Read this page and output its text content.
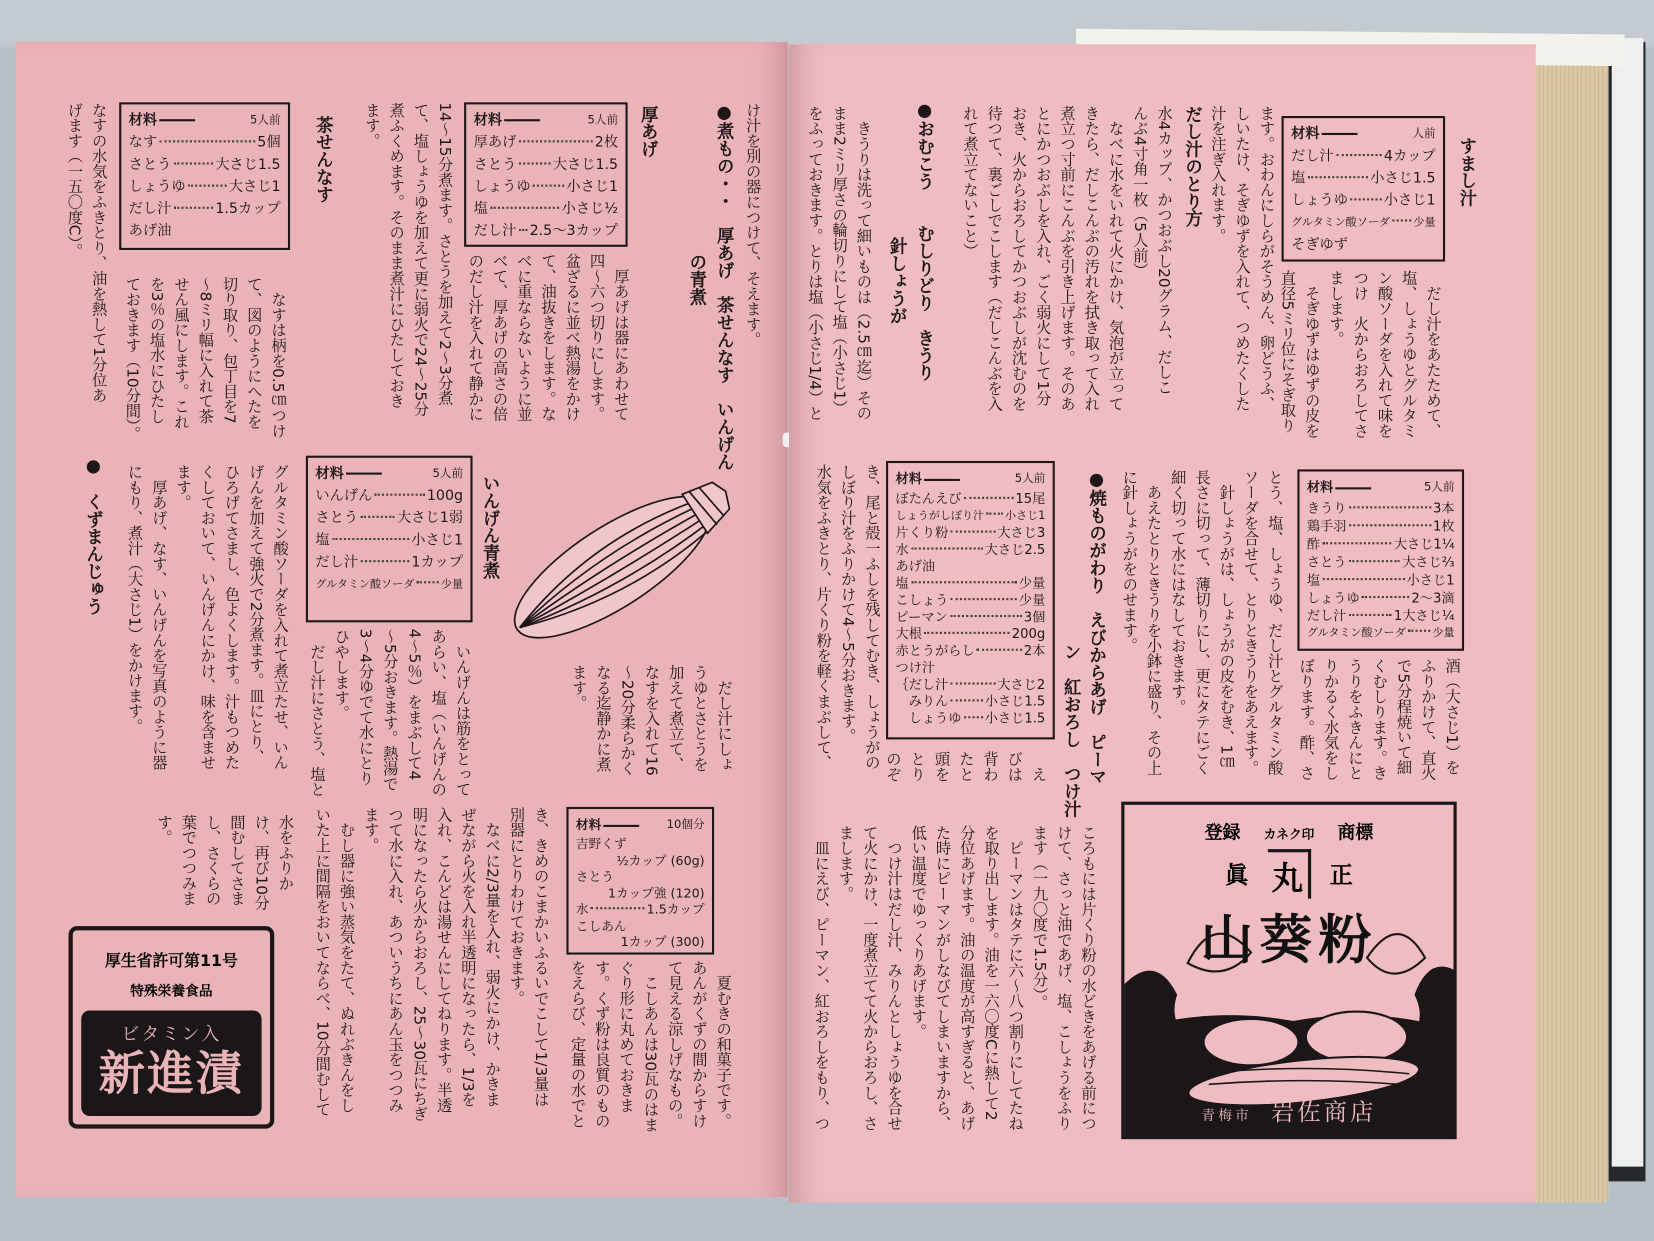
け汁を別の器につけて、そえます。
●煮もの・・　厚あげ　茶せんなす　いんげん
の青煮
厚あげ
材料	5人前
厚あげ	2枚
さとう	大さじ1.5
しょうゆ	小さじ1
塩	小さじ½
だし汁 2.5～3カップ
　厚あげは器にあわせて
四～六つ切りにします。
盆ざるに並べ熱湯をかけ
て、油抜きをします。な
べに重ならないように並
べて、厚あげの高さの倍
のだし汁を入れて静かに
14～15分煮ます。さとうを加えて2～3分煮
て、塩しょうゆを加えて更に弱火で24～25分
煮ふくめます。そのまま煮汁にひたしておき
ます。
茶せんなす
材料	5人前
なす	5個
さとう	大さじ1.5
しょうゆ	大さじ1
だし汁	1.5カップ
あげ油
　なすは柄を0.5㎝つけ
て、図のようにへたを
切り取り、包丁目を7
～8ミリ幅に入れて茶
せん風にします。これ
を3％の塩水にひたし
ておきます（10分間）。
なすの水気をふきとり、油を熱して1分位あ
げます（一五〇度C）。
　だし汁にしょ
うゆとさとうを
加えて煮立て、
なすを入れて16
～20分柔らかく
なる迄静かに煮
ます。
いんげん青煮
材料	5人前
いんげん	100g
さとう	大さじ1弱
塩	小さじ1
だし汁	1カップ
グルタミン酸ソーダ	少量
　いんげんは筋をとって
あらい、塩（いんげんの
4～5％）をまぶして4
～5分おきます。熱湯で
3～4分ゆでて水にとり
ひやします。
　だし汁にさとう、塩と
グルタミン酸ソーダを入れて煮立たせ、いん
げんを加えて強火で2分煮ます。皿にとり、
ひろげてさまし、色よくします。汁もつめた
くしておいて、いんげんにかけ、味を含ませ
ます。
　厚あげ、なす、いんげんを写真のように器
にもり、煮汁（大さじ1）をかけます。
●　くずまんじゅう
材料	10個分
吉野くず
½カップ (60g)
さとう
1カップ強 (120)
水	1.5カップ
こしあん
1カップ (300)
　夏むきの和菓子です。
あんがくずの間からすけ
て見える涼しげなもの。
　こしあんは30瓦のはま
ぐり形に丸めておきま
す。くず粉は良質のもの
をえらび、定量の水でと
き、きめのこまかいふるいでこして1/3量は
別器にとりわけておきます。
　なべに2/3量を入れ、弱火にかけ、かきま
ぜながら火を入れ半透明になったら、1/3を
入れ、こんどは湯せんにしてねります。半透
明になったら火からおろし、25～30瓦にちぎ
つて水に入れ、あついうちにあん玉をつつみ
ます。
　むし器に強い蒸気をたて、ぬれぶきんをし
いた上に間隔をおいてならべ、10分間むして
水をふりか
け、再び10分
間むしてさま
し、さくらの
葉でつつみま
す。
厚生省許可第11号
特殊栄養食品
ビタミン入
新進漬
すまし汁
材料	人前
だし汁	4カップ
塩	小さじ1.5
しょうゆ	小さじ1
グルタミン酸ソーダ 少量
そぎゆず
　だし汁をあたためて、
塩、しょうゆとグルタミ
ン酸ソーダを入れて味を
つけ　火からおろしてさ
まします。
　そぎゆずはゆずの皮を
直径5ミリ位にそぎ取り
ます。おわんにしらがそうめん、卵どうふ、
しいたけ、そぎゆずを入れて、つめたくした
汁を注ぎ入れます。
だし汁のとり方
水4カップ、かつおぶし20グラム、だしこ
んぶ4寸角一枚（5人前）
　なべに水をいれて火にかけ、気泡が立って
きたら、だしこんぶの汚れを拭き取って入れ
煮立つ寸前にこんぶを引き上げます。そのあ
とにかつおぶしを入れ、ごく弱火にして1分
おき、火からおろしてかつおぶしが沈むのを
待つて、裏ごしでこします（だしこんぶを入
れて煮立てないこと）
●おむこう　　むしりどり　きうり
針しょうが
　きうりは洗って細いものは（2.5㎝迄）その
まま2ミリ厚さの輪切りにして塩（小さじ1）
をふっておきます。とりは塩（小さじ1/4）と
材料	5人前
きうり	3本
鶏手羽	1枚
酢	大さじ1¼
さとう	大さじ⅔
塩	小さじ1
しょうゆ	2～3滴
だし汁	1大さじ¼
グルタミン酸ソーダ	少量
酒（大さじ1）を
ふりかけて、直火
で5分程焼いて細
くむしります。き
うりをふきんにと
りかるく水気をし
ぼります。酢、さ
とう、塩、しょうゆ、だし汁とグルタミン酸
ソーダを合せて、とりときうりをあえます。
　針しょうがは、しょうがの皮をむき、1㎝
長さに切って、薄切りにし、更にタテにごく
細く切って水にはなしておきます。
　あえたとりときうりを小鉢に盛り、その上
に針しょうがをのせます。
●焼ものがわり　えびからあげ　ピーマ
ン　紅おろし　つけ汁
材料	5人前
ぼたんえび	15尾
しょうがしぼり汁 小さじ1
片くり粉	大さじ3
水	大さじ2.5
あげ油
塩	少量
こしょう	少量
ピーマン	3個
大根	200g
赤とうがらし	2本
つけ汁
｛だし汁	大さじ2
　みりん	小さじ1.5
　しょうゆ 小さじ1.5
　え
びは
背わ
たと
頭を
とり
のぞ
き、尾と殻一ふしを残してむき、しょうがの
しぼり汁をふりかけて4～5分おきます。
水気をふきとり、片くり粉を軽くまぶして、
ころもには片くり粉の水どきをあげる前につ
けて、さっと油であげ、塩、こしょうをふり
ます（一九〇度で1.5分）。
　ピーマンはタテに六～八つ割りにしてたね
を取り出します。油を一六〇度Cに熱して2
分位あげます。油の温度が高すぎると、あげ
た時にピーマンがしなびてしまいますから、
低い温度でゆっくりあげます。
　つけ汁はだし汁、みりんとしょうゆを合せ
て火にかけ、一度煮立てて火からおろし、さ
まします。
　皿にえび、ピーマン、紅おろしをもり、つ	登録 カネク印 商標
眞 丸	正
山葵粉
青梅市 岩佐商店
